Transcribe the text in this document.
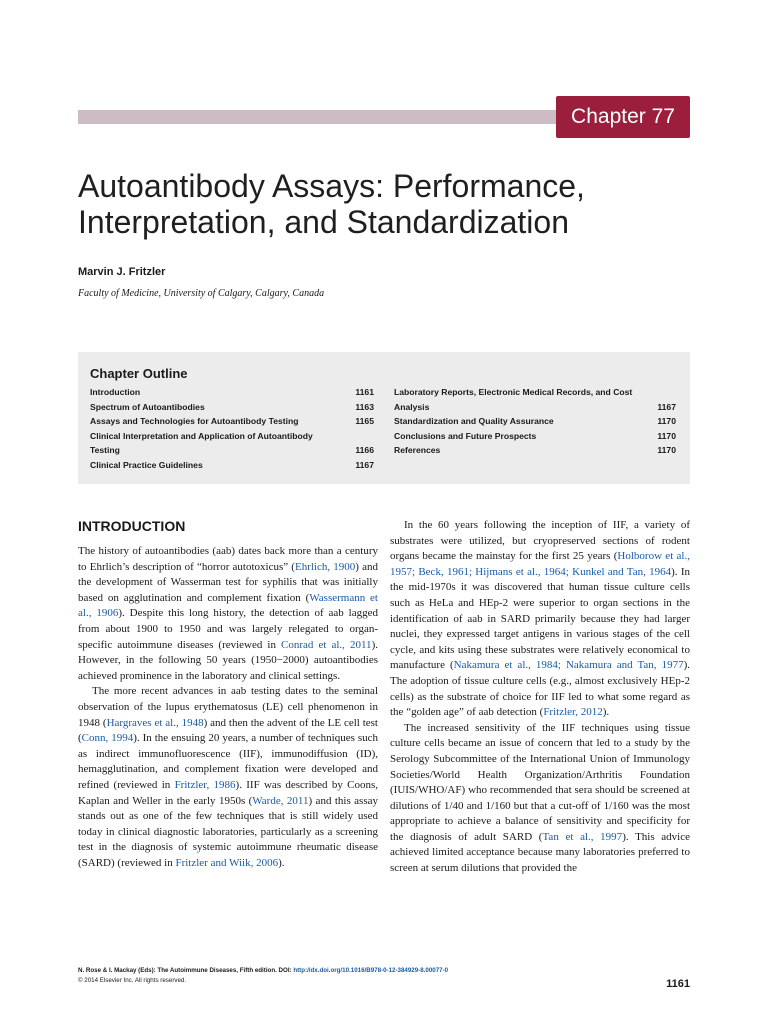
Chapter 77
Autoantibody Assays: Performance,
Interpretation, and Standardization

Marvin J. Fritzler

Faculty of Medicine, University of Calgary, Calgary, Canada

Chapter Outline

Introduction	1161
Spectrum of Autoantibodies	1163
Assays and Technologies for Autoantibody Testing	1165
Clinical Interpretation and Application of Autoantibody
Testing	1166
Clinical Practice Guidelines	1167
Laboratory Reports, Electronic Medical Records, and Cost
Analysis	1167
Standardization and Quality Assurance	1170
Conclusions and Future Prospects	1170
References	1170
INTRODUCTION

The history of autoantibodies (aab) dates back more than a century to Ehrlich’s description of “horror autotoxicus” (Ehrlich, 1900) and the development of Wasserman test for syphilis that was initially based on agglutination and complement fixation (Wassermann et al., 1906). Despite this long history, the detection of aab lagged from about 1900 to 1950 and was largely relegated to organ-specific autoimmune diseases (reviewed in Conrad et al., 2011). However, in the following 50 years (1950−2000) autoantibodies achieved prominence in the laboratory and clinical settings.

The more recent advances in aab testing dates to the seminal observation of the lupus erythematosus (LE) cell phenomenon in 1948 (Hargraves et al., 1948) and then the advent of the LE cell test (Conn, 1994). In the ensuing 20 years, a number of techniques such as indirect immunofluorescence (IIF), immunodiffusion (ID), hemagglutination, and complement fixation were developed and refined (reviewed in Fritzler, 1986). IIF was described by Coons, Kaplan and Weller in the early 1950s (Warde, 2011) and this assay stands out as one of the few techniques that is still widely used today in clinical diagnostic laboratories, particularly as a screening test in the diagnosis of systemic autoimmune rheumatic disease (SARD) (reviewed in Fritzler and Wiik, 2006).

In the 60 years following the inception of IIF, a variety of substrates were utilized, but cryopreserved sections of rodent organs became the mainstay for the first 25 years (Holborow et al., 1957; Beck, 1961; Hijmans et al., 1964; Kunkel and Tan, 1964). In the mid-1970s it was discovered that human tissue culture cells such as HeLa and HEp-2 were superior to organ sections in the identification of aab in SARD primarily because they had larger nuclei, they expressed target antigens in various stages of the cell cycle, and kits using these substrates were relatively economical to manufacture (Nakamura et al., 1984; Nakamura and Tan, 1977). The adoption of tissue culture cells (e.g., almost exclusively HEp-2 cells) as the substrate of choice for IIF led to what some regard as the “golden age” of aab detection (Fritzler, 2012).

The increased sensitivity of the IIF techniques using tissue culture cells became an issue of concern that led to a study by the Serology Subcommittee of the International Union of Immunology Societies/World Health Organization/Arthritis Foundation (IUIS/WHO/AF) who recommended that sera should be screened at dilutions of 1/40 and 1/160 but that a cut-off of 1/160 was the most appropriate to achieve a balance of sensitivity and specificity for the diagnosis of adult SARD (Tan et al., 1997). This advice achieved limited acceptance because many laboratories preferred to screen at serum dilutions that provided the

N. Rose & I. Mackay (Eds): The Autoimmune Diseases, Fifth edition. DOI: http://dx.doi.org/10.1016/B978-0-12-384929-8.00077-0
© 2014 Elsevier Inc. All rights reserved.	1161
